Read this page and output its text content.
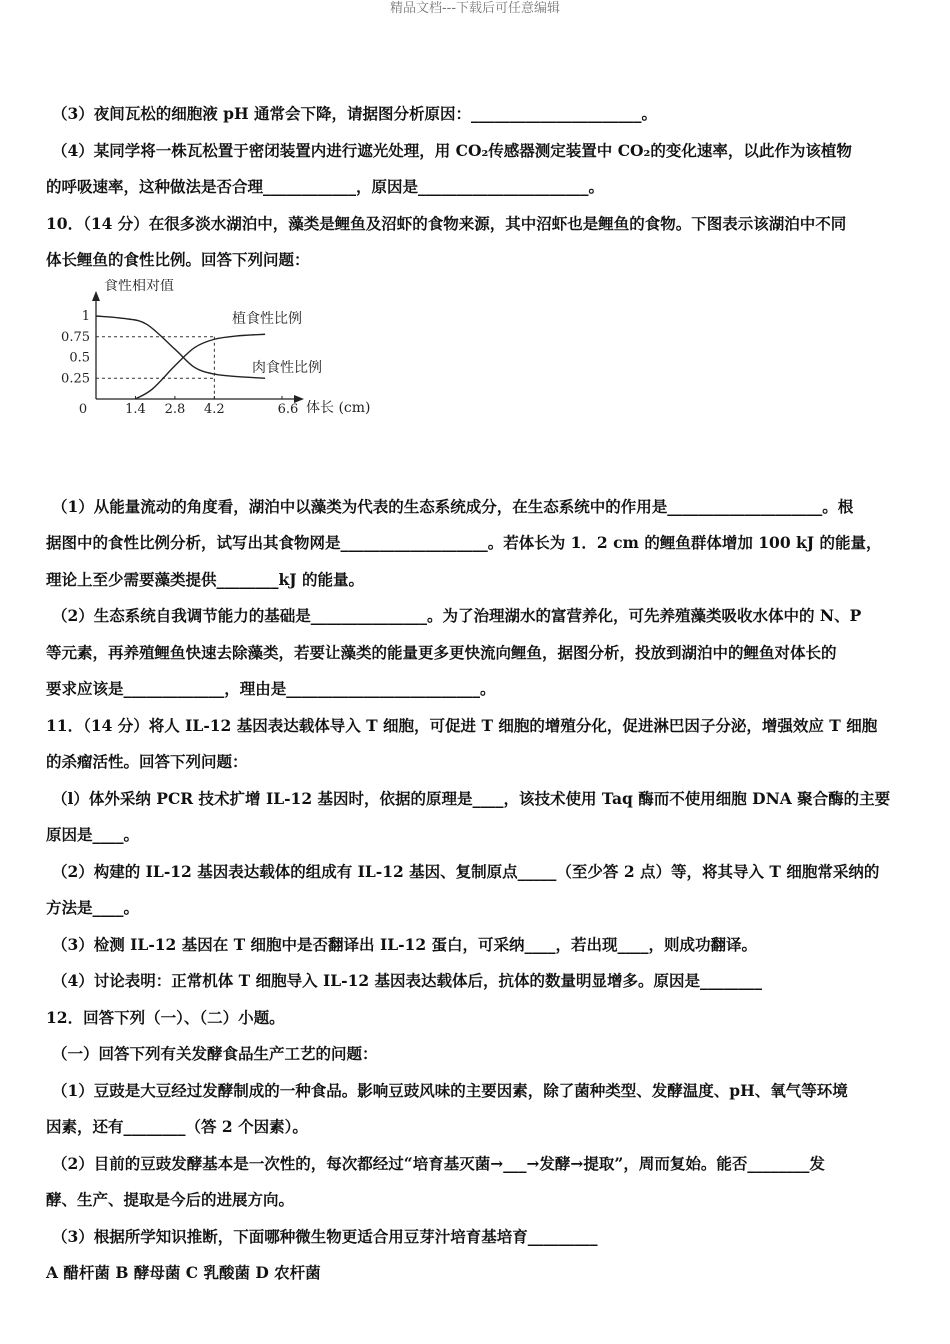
精品文档---下载后可任意编辑
（3）夜间瓦松的细胞液 pH 通常会下降，请据图分析原因：______________________。
（4）某同学将一株瓦松置于密闭装置内进行遮光处理，用 CO₂传感器测定装置中 CO₂的变化速率，以此作为该植物
的呼吸速率，这种做法是否合理____________，原因是______________________。
10．（14 分）在很多淡水湖泊中，藻类是鲤鱼及沼虾的食物来源，其中沼虾也是鲤鱼的食物。下图表示该湖泊中不同
体长鲤鱼的食性比例。回答下列问题：
食性相对值
体长 (cm)
0	1.4 2.8 4.2	6.6
1
0.75
0.5
0.25
植食性比例
肉食性比例
（1）从能量流动的角度看，湖泊中以藻类为代表的生态系统成分，在生态系统中的作用是____________________。根
据图中的食性比例分析，试写出其食物网是___________________。若体长为 1．2 cm 的鲤鱼群体增加 100 kJ 的能量，
理论上至少需要藻类提供________kJ 的能量。
（2）生态系统自我调节能力的基础是_______________。为了治理湖水的富营养化，可先养殖藻类吸收水体中的 N、P
等元素，再养殖鲤鱼快速去除藻类，若要让藻类的能量更多更快流向鲤鱼，据图分析，投放到湖泊中的鲤鱼对体长的
要求应该是_____________，理由是_________________________。
11．（14 分）将人 IL-12 基因表达载体导入 T 细胞，可促进 T 细胞的增殖分化，促进淋巴因子分泌，增强效应 T 细胞
的杀瘤活性。回答下列问题：
（l）体外采纳 PCR 技术扩增 IL-12 基因时，依据的原理是____，该技术使用 Taq 酶而不使用细胞 DNA 聚合酶的主要
原因是____。
（2）构建的 IL-12 基因表达载体的组成有 IL-12 基因、复制原点_____（至少答 2 点）等，将其导入 T 细胞常采纳的
方法是____。
（3）检测 IL-12 基因在 T 细胞中是否翻译出 IL-12 蛋白，可采纳____，若出现____，则成功翻译。
（4）讨论表明：正常机体 T 细胞导入 IL-12 基因表达载体后，抗体的数量明显增多。原因是________
12．回答下列（一）、（二）小题。
（一）回答下列有关发酵食品生产工艺的问题：
（1）豆豉是大豆经过发酵制成的一种食品。影响豆豉风味的主要因素，除了菌种类型、发酵温度、pH、氧气等环境
因素，还有________（答 2 个因素）。
（2）目前的豆豉发酵基本是一次性的，每次都经过“培育基灭菌→___→发酵→提取”，周而复始。能否________发
酵、生产、提取是今后的进展方向。
（3）根据所学知识推断，下面哪种微生物更适合用豆芽汁培育基培育_________
A 醋杆菌 B 酵母菌 C 乳酸菌 D 农杆菌
